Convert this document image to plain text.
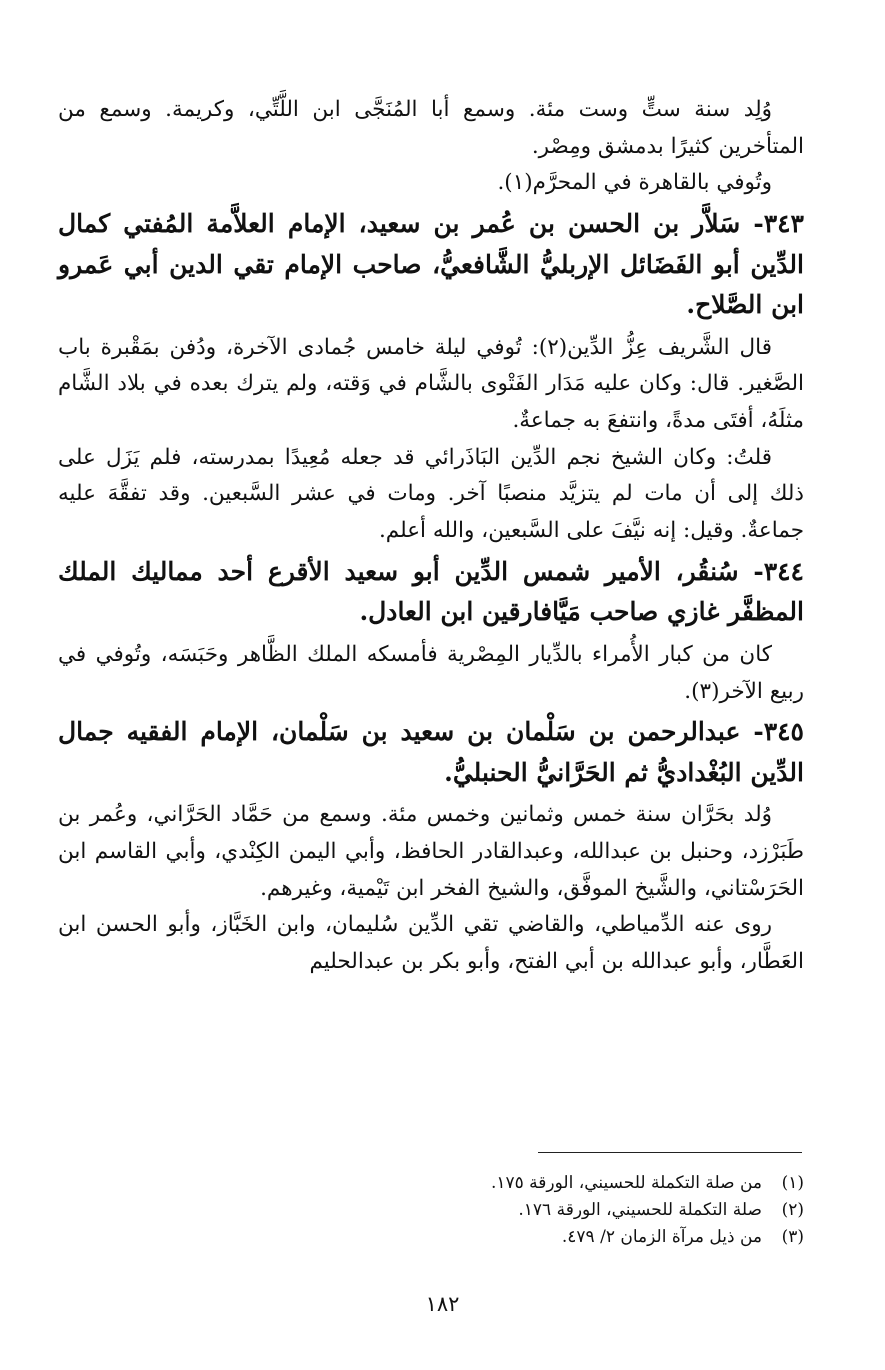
وُلِد سنة ستٍّ وست مئة. وسمع أبا المُنَجَّى ابن اللَّتِّي، وكريمة. وسمع من المتأخرين كثيرًا بدمشق ومِصْر.

وتُوفي بالقاهرة في المحرَّم(١).

٣٤٣- سَلاَّر بن الحسن بن عُمر بن سعيد، الإمام العلاَّمة المُفتي كمال الدِّين أبو الفَضَائل الإربليُّ الشَّافعيُّ، صاحب الإمام تقي الدين أبي عَمرو ابن الصَّلاح.

قال الشَّريف عِزُّ الدِّين(٢): تُوفي ليلة خامس جُمادى الآخرة، ودُفن بمَقْبرة باب الصَّغير. قال: وكان عليه مَدَار الفَتْوى بالشَّام في وَقته، ولم يترك بعده في بلاد الشَّام مثلَهُ، أفتَى مدةً، وانتفعَ به جماعةٌ.

قلتُ: وكان الشيخ نجم الدِّين البَاذَرائي قد جعله مُعِيدًا بمدرسته، فلم يَزَل على ذلك إلى أن مات لم يتزيَّد منصبًا آخر. ومات في عشر السَّبعين. وقد تفقَّهَ عليه جماعةٌ. وقيل: إنه نيَّفَ على السَّبعين، والله أعلم.

٣٤٤- سُنقُر، الأمير شمس الدِّين أبو سعيد الأقرع أحد مماليك الملك المظفَّر غازي صاحب مَيَّافارقين ابن العادل.

كان من كبار الأُمراء بالدِّيار المِصْرية فأمسكه الملك الظَّاهر وحَبَسَه، وتُوفي في ربيع الآخر(٣).

٣٤٥- عبدالرحمن بن سَلْمان بن سعيد بن سَلْمان، الإمام الفقيه جمال الدِّين البُغْداديُّ ثم الحَرَّانيُّ الحنبليُّ.

وُلد بحَرَّان سنة خمس وثمانين وخمس مئة. وسمع من حَمَّاد الحَرَّاني، وعُمر بن طَبَرْزد، وحنبل بن عبدالله، وعبدالقادر الحافظ، وأبي اليمن الكِنْدي، وأبي القاسم ابن الحَرَسْتاني، والشَّيخ الموفَّق، والشيخ الفخر ابن تَيْمية، وغيرهم.

روى عنه الدِّمياطي، والقاضي تقي الدِّين سُليمان، وابن الخَبَّاز، وأبو الحسن ابن العَطَّار، وأبو عبدالله بن أبي الفتح، وأبو بكر بن عبدالحليم

(١)من صلة التكملة للحسيني، الورقة ١٧٥.

(٢)صلة التكملة للحسيني، الورقة ١٧٦.

(٣)من ذيل مرآة الزمان ٢/ ٤٧٩.

١٨٢
